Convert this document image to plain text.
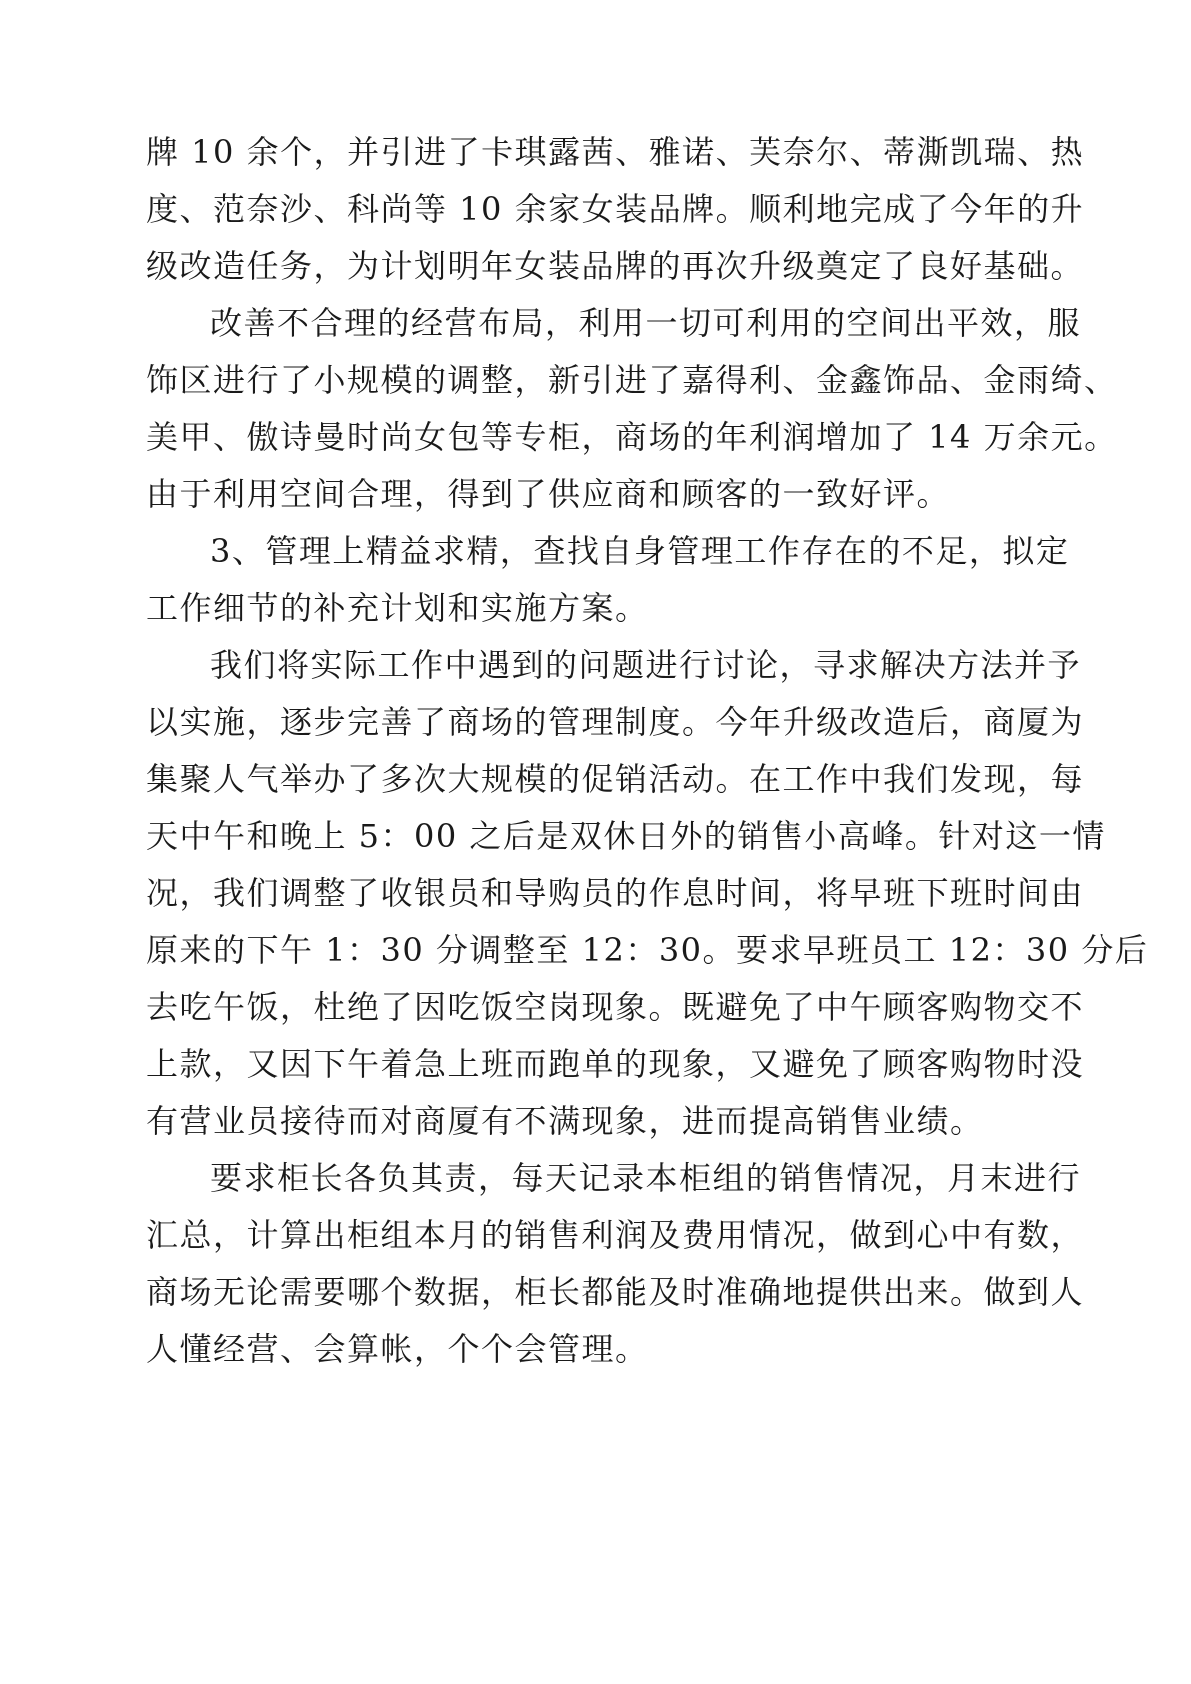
牌 10 余个，并引进了卡琪露茜、雅诺、芙奈尔、蒂澌凯瑞、热
度、范奈沙、科尚等 10 余家女装品牌。顺利地完成了今年的升
级改造任务，为计划明年女装品牌的再次升级奠定了良好基础。
改善不合理的经营布局，利用一切可利用的空间出平效，服
饰区进行了小规模的调整，新引进了嘉得利、金鑫饰品、金雨绮、
美甲、傲诗曼时尚女包等专柜，商场的年利润增加了 14 万余元。
由于利用空间合理，得到了供应商和顾客的一致好评。
3、管理上精益求精，查找自身管理工作存在的不足，拟定
工作细节的补充计划和实施方案。
我们将实际工作中遇到的问题进行讨论，寻求解决方法并予
以实施，逐步完善了商场的管理制度。今年升级改造后，商厦为
集聚人气举办了多次大规模的促销活动。在工作中我们发现，每
天中午和晚上 5：00 之后是双休日外的销售小高峰。针对这一情
况，我们调整了收银员和导购员的作息时间，将早班下班时间由
原来的下午 1：30 分调整至 12：30。要求早班员工 12：30 分后
去吃午饭，杜绝了因吃饭空岗现象。既避免了中午顾客购物交不
上款，又因下午着急上班而跑单的现象，又避免了顾客购物时没
有营业员接待而对商厦有不满现象，进而提高销售业绩。
要求柜长各负其责，每天记录本柜组的销售情况，月末进行
汇总，计算出柜组本月的销售利润及费用情况，做到心中有数，
商场无论需要哪个数据，柜长都能及时准确地提供出来。做到人
人懂经营、会算帐，个个会管理。
